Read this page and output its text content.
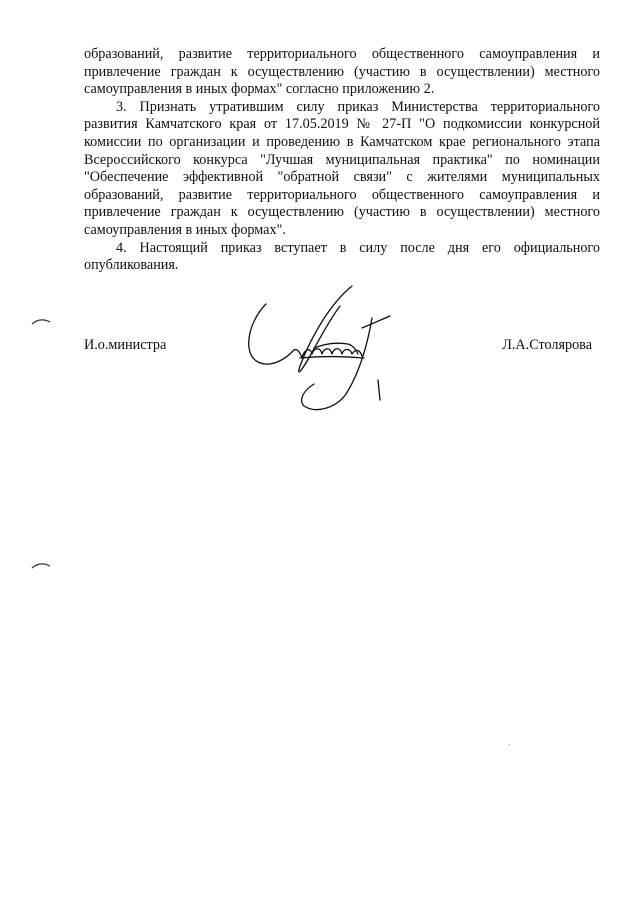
образований, развитие территориального общественного самоуправления и привлечение граждан к осуществлению (участию в осуществлении) местного самоуправления в иных формах" согласно приложению 2.

3. Признать утратившим силу приказ Министерства территориального развития Камчатского края от 17.05.2019 № 27-П "О подкомиссии конкурсной комиссии по организации и проведению в Камчатском крае регионального этапа Всероссийского конкурса "Лучшая муниципальная практика" по номинации "Обеспечение эффективной "обратной связи" с жителями муниципальных образований, развитие территориального общественного самоуправления и привлечение граждан к осуществлению (участию в осуществлении) местного самоуправления в иных формах".

4. Настоящий приказ вступает в силу после дня его официального опубликования.

И.о.министра	Л.А.Столярова
